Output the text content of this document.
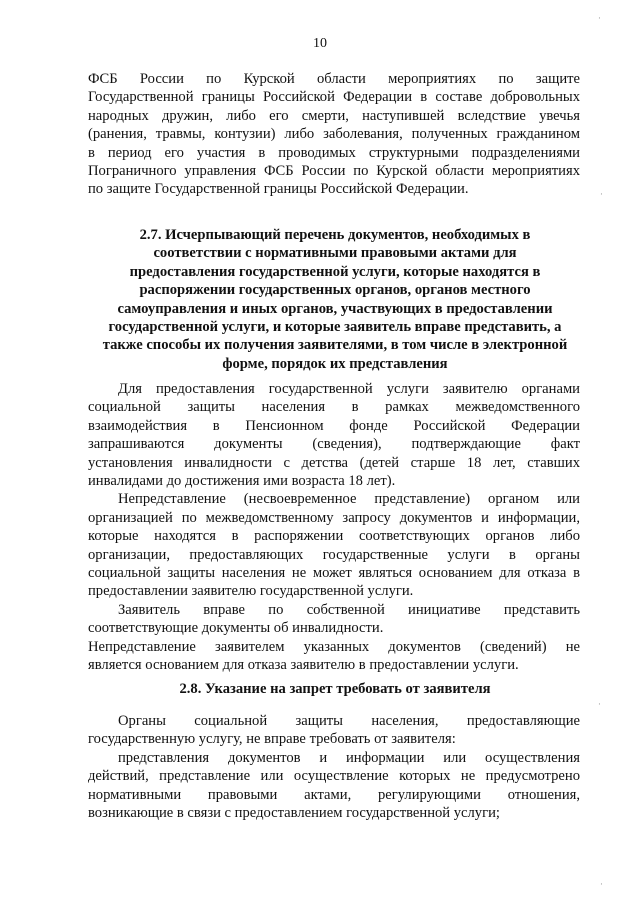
10

ФСБ России по Курской области мероприятиях по защите

Государственной границы Российской Федерации в составе добровольных

народных дружин, либо его смерти, наступившей вследствие увечья

(ранения, травмы, контузии) либо заболевания, полученных гражданином

в период его участия в проводимых структурными подразделениями

Пограничного управления ФСБ России по Курской области мероприятиях

по защите Государственной границы Российской Федерации.

2.7. Исчерпывающий перечень документов, необходимых в

соответствии с нормативными правовыми актами для

предоставления государственной услуги, которые находятся в

распоряжении государственных органов, органов местного

самоуправления и иных органов, участвующих в предоставлении

государственной услуги, и которые заявитель вправе представить, а

также способы их получения заявителями, в том числе в электронной

форме, порядок их представления

Для предоставления государственной услуги заявителю органами

социальной защиты населения в рамках межведомственного

взаимодействия в Пенсионном фонде Российской Федерации

запрашиваются документы (сведения), подтверждающие факт

установления инвалидности с детства (детей старше 18 лет, ставших

инвалидами до достижения ими возраста 18 лет).

Непредставление (несвоевременное представление) органом или

организацией по межведомственному запросу документов и информации,

которые находятся в распоряжении соответствующих органов либо

организации, предоставляющих государственные услуги в органы

социальной защиты населения не может являться основанием для отказа в

предоставлении заявителю государственной услуги.

Заявитель вправе по собственной инициативе представить

соответствующие документы об инвалидности.

Непредставление заявителем указанных документов (сведений) не

является основанием для отказа заявителю в предоставлении услуги.

2.8. Указание на запрет требовать от заявителя

Органы социальной защиты населения, предоставляющие

государственную услугу, не вправе требовать от заявителя:

представления документов и информации или осуществления

действий, представление или осуществление которых не предусмотрено

нормативными правовыми актами, регулирующими отношения,

возникающие в связи с предоставлением государственной услуги;

·
·
·
·
